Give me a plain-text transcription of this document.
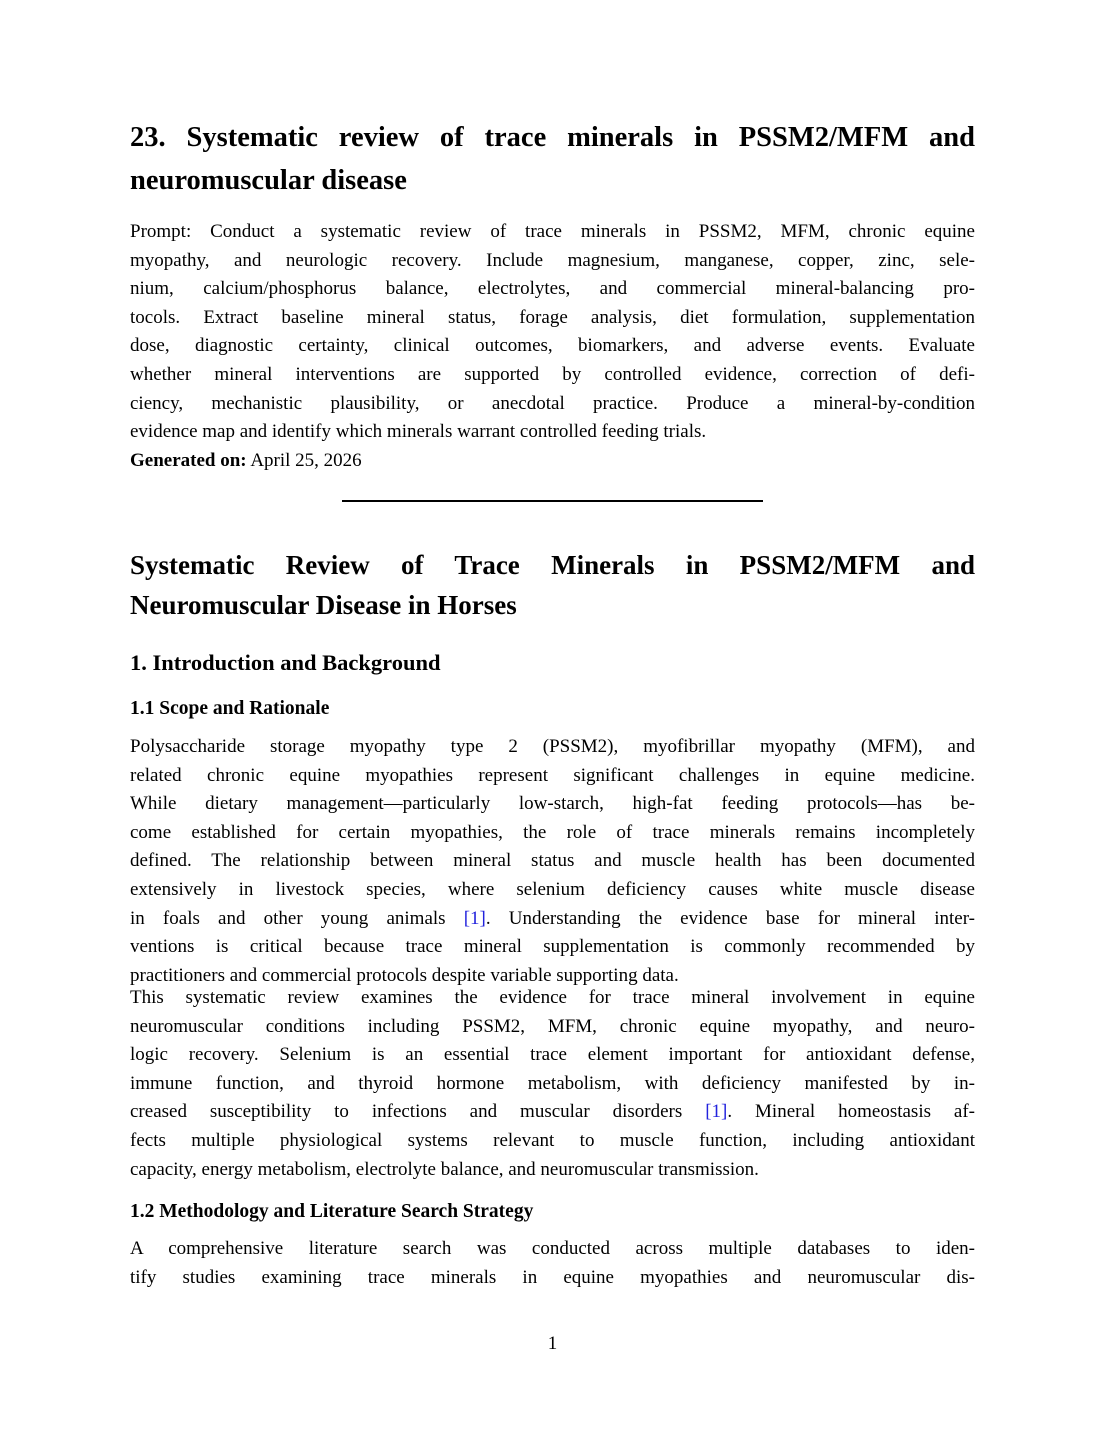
23. Systematic review of trace minerals in PSSM2/MFM and
neuromuscular disease
Prompt: Conduct a systematic review of trace minerals in PSSM2, MFM, chronic equine
myopathy, and neurologic recovery. Include magnesium, manganese, copper, zinc, sele-
nium, calcium/phosphorus balance, electrolytes, and commercial mineral-balancing pro-
tocols. Extract baseline mineral status, forage analysis, diet formulation, supplementation
dose, diagnostic certainty, clinical outcomes, biomarkers, and adverse events. Evaluate
whether mineral interventions are supported by controlled evidence, correction of defi-
ciency, mechanistic plausibility, or anecdotal practice. Produce a mineral-by-condition
evidence map and identify which minerals warrant controlled feeding trials.
Generated on: April 25, 2026
Systematic Review of Trace Minerals in PSSM2/MFM and
Neuromuscular Disease in Horses
1. Introduction and Background
1.1 Scope and Rationale
Polysaccharide storage myopathy type 2 (PSSM2), myofibrillar myopathy (MFM), and
related chronic equine myopathies represent significant challenges in equine medicine.
While dietary management—particularly low-starch, high-fat feeding protocols—has be-
come established for certain myopathies, the role of trace minerals remains incompletely
defined. The relationship between mineral status and muscle health has been documented
extensively in livestock species, where selenium deficiency causes white muscle disease
in foals and other young animals [1]. Understanding the evidence base for mineral inter-
ventions is critical because trace mineral supplementation is commonly recommended by
practitioners and commercial protocols despite variable supporting data.
This systematic review examines the evidence for trace mineral involvement in equine
neuromuscular conditions including PSSM2, MFM, chronic equine myopathy, and neuro-
logic recovery. Selenium is an essential trace element important for antioxidant defense,
immune function, and thyroid hormone metabolism, with deficiency manifested by in-
creased susceptibility to infections and muscular disorders [1]. Mineral homeostasis af-
fects multiple physiological systems relevant to muscle function, including antioxidant
capacity, energy metabolism, electrolyte balance, and neuromuscular transmission.
1.2 Methodology and Literature Search Strategy
A comprehensive literature search was conducted across multiple databases to iden-
tify studies examining trace minerals in equine myopathies and neuromuscular dis-
1
